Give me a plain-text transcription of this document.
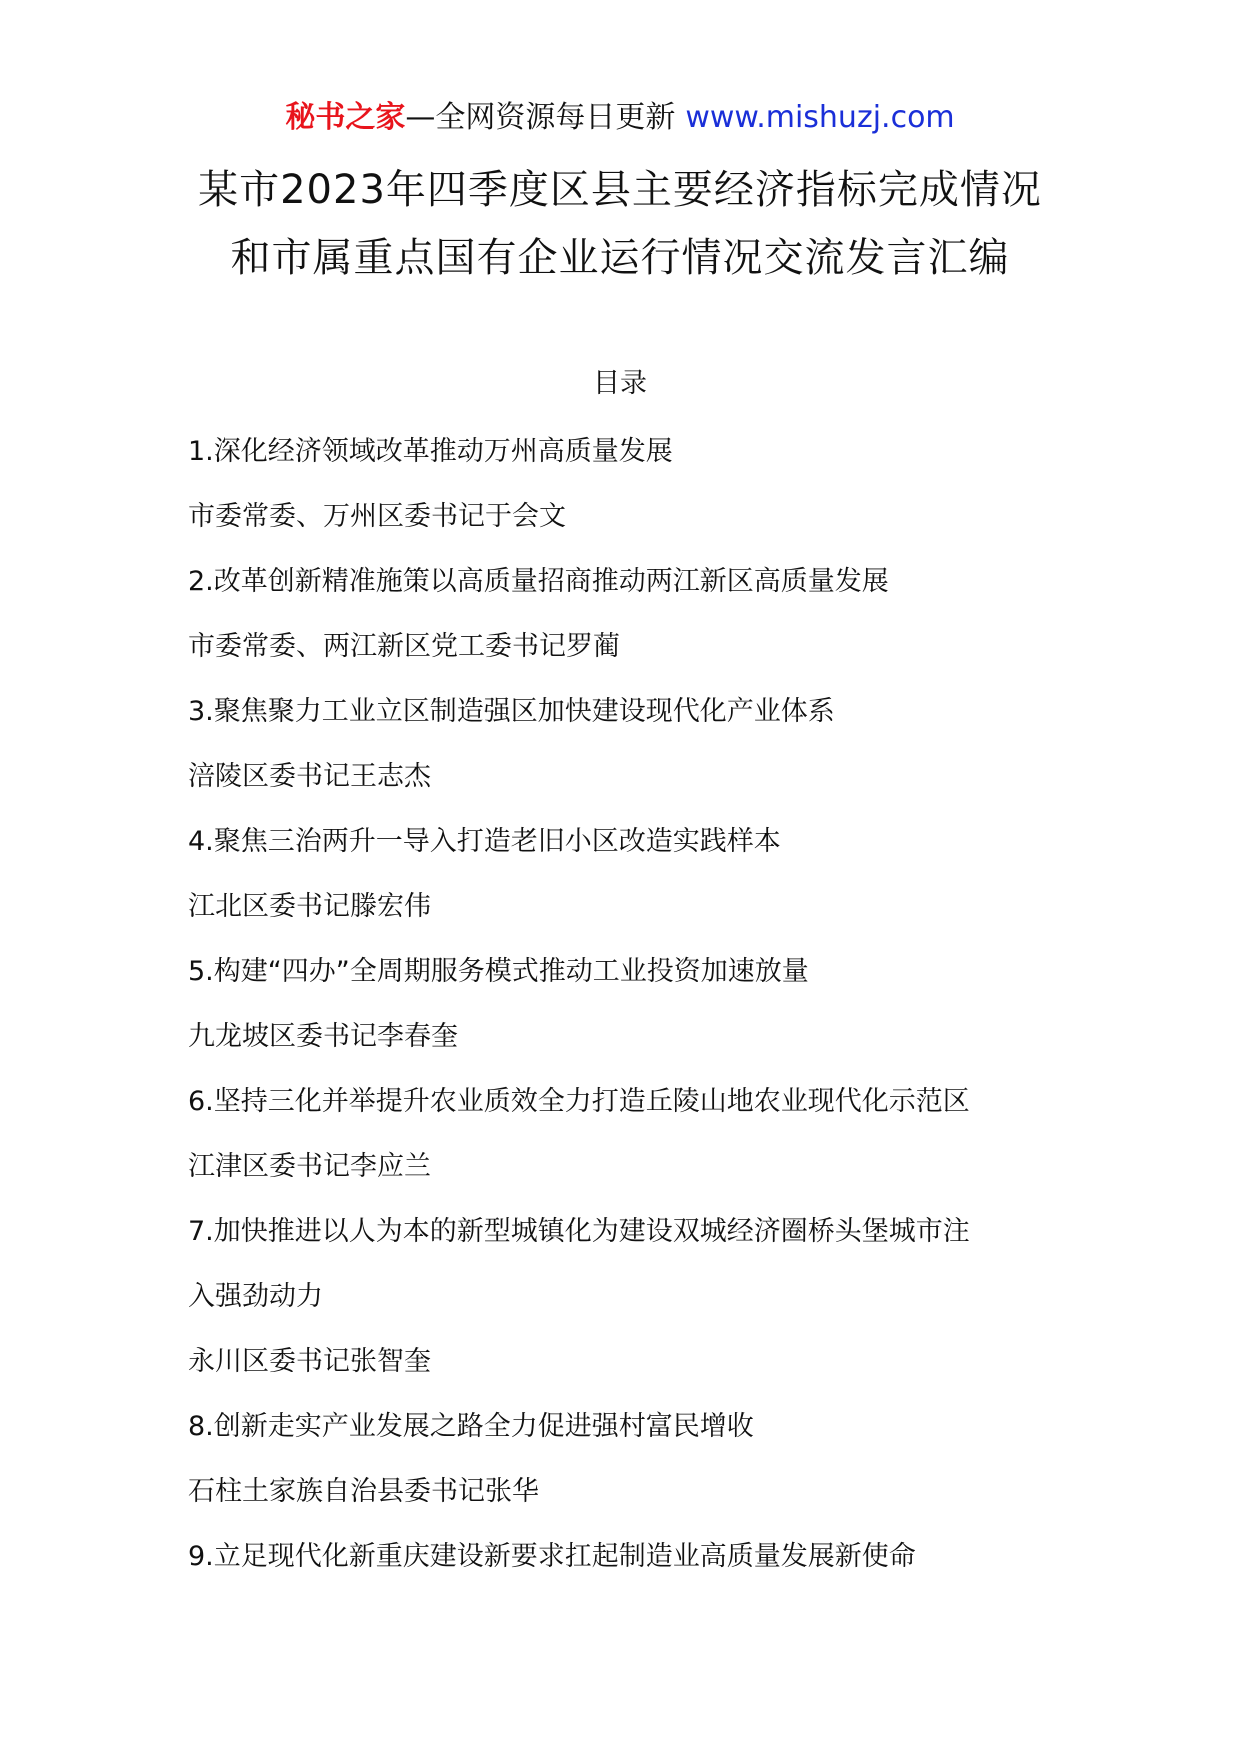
秘书之家—全网资源每日更新 www.mishuzj.com
某市2023年四季度区县主要经济指标完成情况
和市属重点国有企业运行情况交流发言汇编
目录
1.深化经济领域改革推动万州高质量发展
市委常委、万州区委书记于会文
2.改革创新精准施策以高质量招商推动两江新区高质量发展
市委常委、两江新区党工委书记罗蔺
3.聚焦聚力工业立区制造强区加快建设现代化产业体系
涪陵区委书记王志杰
4.聚焦三治两升一导入打造老旧小区改造实践样本
江北区委书记滕宏伟
5.构建“四办”全周期服务模式推动工业投资加速放量
九龙坡区委书记李春奎
6.坚持三化并举提升农业质效全力打造丘陵山地农业现代化示范区
江津区委书记李应兰
7.加快推进以人为本的新型城镇化为建设双城经济圈桥头堡城市注
入强劲动力
永川区委书记张智奎
8.创新走实产业发展之路全力促进强村富民增收
石柱土家族自治县委书记张华
9.立足现代化新重庆建设新要求扛起制造业高质量发展新使命
